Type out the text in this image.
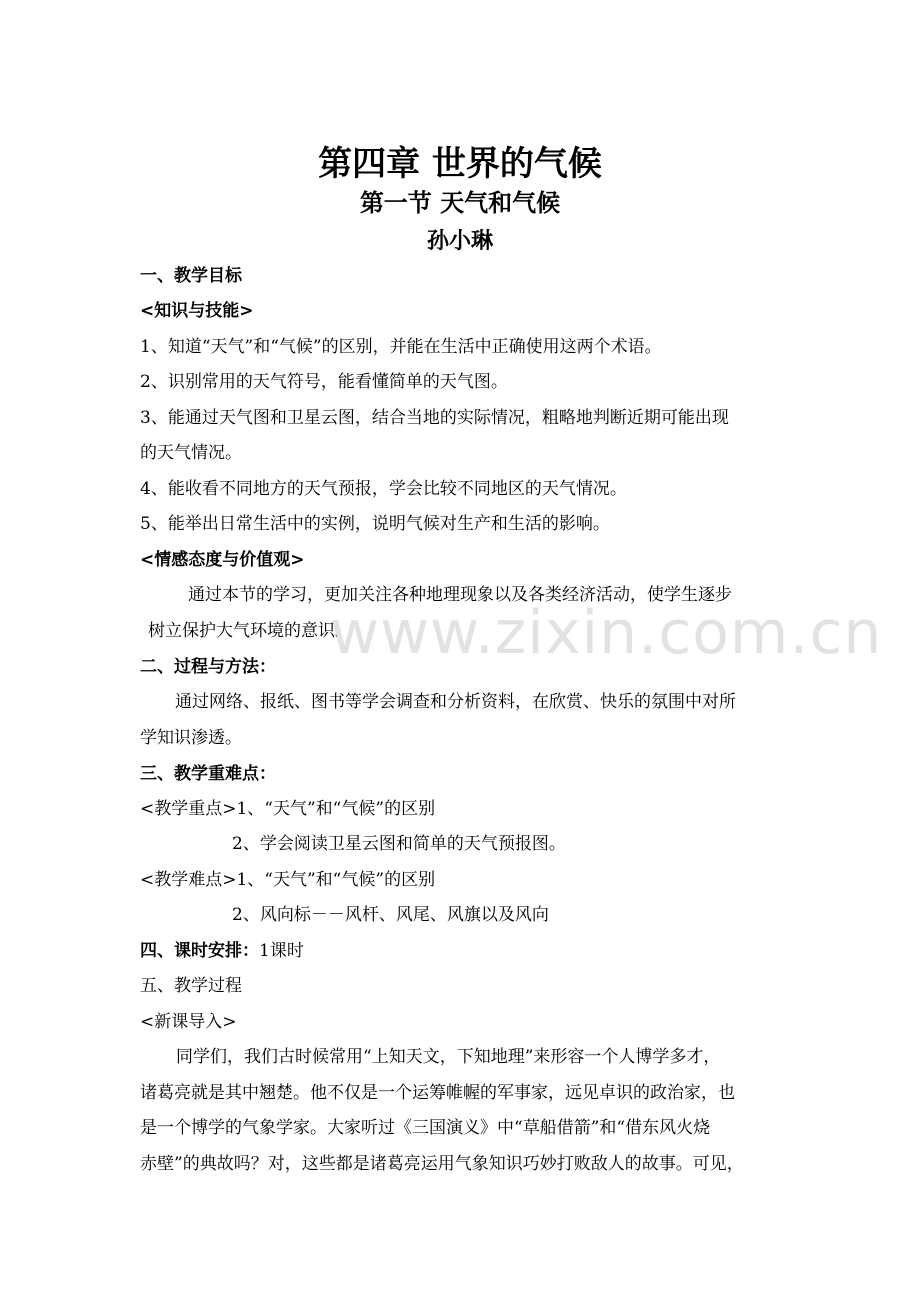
第四章 世界的气候
第一节 天气和气候
孙小琳
一、教学目标
<知识与技能>
1、知道“天气”和“气候”的区别，并能在生活中正确使用这两个术语。
2、识别常用的天气符号，能看懂简单的天气图。
3、能通过天气图和卫星云图，结合当地的实际情况，粗略地判断近期可能出现
的天气情况。
4、能收看不同地方的天气预报，学会比较不同地区的天气情况。
5、能举出日常生活中的实例，说明气候对生产和生活的影响。
<情感态度与价值观>
通过本节的学习，更加关注各种地理现象以及各类经济活动，使学生逐步
树立保护大气环境的意识。
www.zixin.com.cn
二、过程与方法：
通过网络、报纸、图书等学会调查和分析资料，在欣赏、快乐的氛围中对所
学知识渗透。
三、教学重难点：
<教学重点>1、“天气”和“气候”的区别
2、学会阅读卫星云图和简单的天气预报图。
<教学难点>1、“天气”和“气候”的区别
2、风向标－－风杆、风尾、风旗以及风向
四、课时安排：1课时
五、教学过程
<新课导入>
同学们，我们古时候常用“上知天文，下知地理”来形容一个人博学多才，
诸葛亮就是其中翘楚。他不仅是一个运筹帷幄的军事家，远见卓识的政治家，也
是一个博学的气象学家。大家听过《三国演义》中“草船借箭”和“借东风火烧
赤壁”的典故吗？对，这些都是诸葛亮运用气象知识巧妙打败敌人的故事。可见，
